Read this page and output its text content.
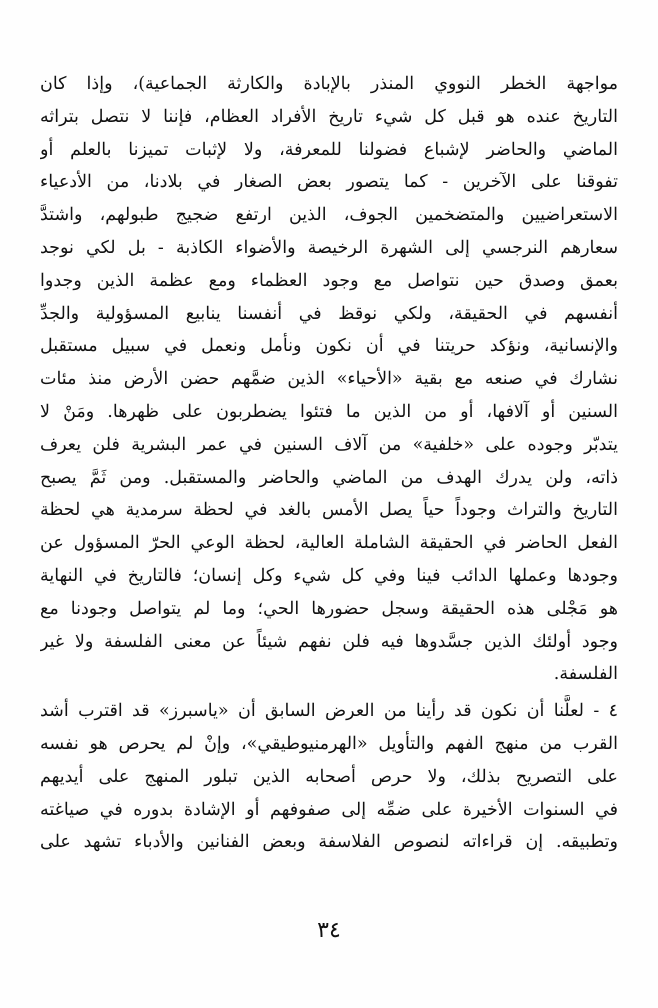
مواجهة الخطر النووي المنذر بالإبادة والكارثة الجماعية)، وإذا كان
التاريخ عنده هو قبل كل شيء تاريخ الأفراد العظام، فإننا لا نتصل بتراثه
الماضي والحاضر لإشباع فضولنا للمعرفة، ولا لإثبات تميزنا بالعلم أو
تفوقنا على الآخرين - كما يتصور بعض الصغار في بلادنا، من الأدعياء
الاستعراضيين والمتضخمين الجوف، الذين ارتفع ضجيج طبولهم، واشتدَّ
سعارهم النرجسي إلى الشهرة الرخيصة والأضواء الكاذبة - بل لكي نوجد
بعمق وصدق حين نتواصل مع وجود العظماء ومع عظمة الذين وجدوا
أنفسهم في الحقيقة، ولكي نوقظ في أنفسنا ينابيع المسؤولية والجدِّ
والإنسانية، ونؤكد حريتنا في أن نكون ونأمل ونعمل في سبيل مستقبل
نشارك في صنعه مع بقية «الأحياء» الذين ضمَّهم حضن الأرض منذ مئات
السنين أو آلافها، أو من الذين ما فتئوا يضطربون على ظهرها. ومَنْ لا
يتدبّر وجوده على «خلفية» من آلاف السنين في عمر البشرية فلن يعرف
ذاته، ولن يدرك الهدف من الماضي والحاضر والمستقبل. ومن ثَمَّ يصبح
التاريخ والتراث وجوداً حياً يصل الأمس بالغد في لحظة سرمدية هي لحظة
الفعل الحاضر في الحقيقة الشاملة العالية، لحظة الوعي الحرّ المسؤول عن
وجودها وعملها الدائب فينا وفي كل شيء وكل إنسان؛ فالتاريخ في النهاية
هو مَجْلى هذه الحقيقة وسجل حضورها الحي؛ وما لم يتواصل وجودنا مع
وجود أولئك الذين جسَّدوها فيه فلن نفهم شيئاً عن معنى الفلسفة ولا غير
الفلسفة.
٤ - لعلَّنا أن نكون قد رأينا من العرض السابق أن «ياسبرز» قد اقترب أشد
القرب من منهج الفهم والتأويل «الهرمنيوطيقي»، وإنْ لم يحرص هو نفسه
على التصريح بذلك، ولا حرص أصحابه الذين تبلور المنهج على أيديهم
في السنوات الأخيرة على ضمِّه إلى صفوفهم أو الإشادة بدوره في صياغته
وتطبيقه. إن قراءاته لنصوص الفلاسفة وبعض الفنانين والأدباء تشهد على
٣٤
